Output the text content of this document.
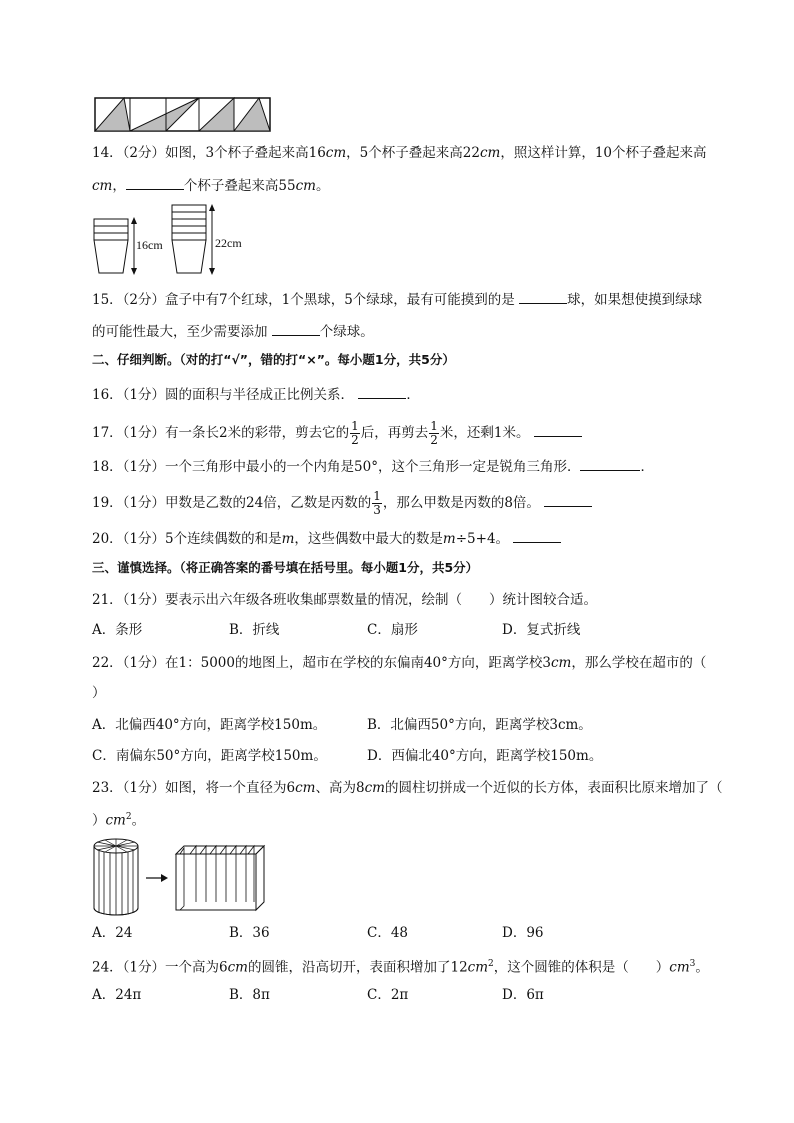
14．（2分）如图，3个杯子叠起来高16cm，5个杯子叠起来高22cm，照这样计算，10个杯子叠起来高
cm，	个杯子叠起来高55cm。
16cm	22cm
15．（2分）盒子中有7个红球，1个黑球，5个绿球，最有可能摸到的是	球，如果想使摸到绿球
的可能性最大，至少需要添加	个绿球。
二、仔细判断。（对的打“√”，错的打“×”。每小题1分，共5分）
16．（1分）圆的面积与半径成正比例关系．	．
17．（1分）有一条长2米的彩带，剪去它的 $\frac{1}{2}$ 后，再剪去 $\frac{1}{2}$ 米，还剩1米。
18．（1分）一个三角形中最小的一个内角是50°，这个三角形一定是锐角三角形．	．
19．（1分）甲数是乙数的24倍，乙数是丙数的 $\frac{1}{3}$ ，那么甲数是丙数的8倍。
20．（1分）5个连续偶数的和是m，这些偶数中最大的数是m÷5+4。
三、谨慎选择。（将正确答案的番号填在括号里。每小题1分，共5分）
21．（1分）要表示出六年级各班收集邮票数量的情况，绘制（　　）统计图较合适。
A．条形	B．折线	C．扇形	D．复式折线
22．（1分）在1：5000的地图上，超市在学校的东偏南40°方向，距离学校3cm，那么学校在超市的（
）
A．北偏西40°方向，距离学校150m。	B．北偏西50°方向，距离学校3cm。
C．南偏东50°方向，距离学校150m。	D．西偏北40°方向，距离学校150m。
23．（1分）如图，将一个直径为6cm、高为8cm的圆柱切拼成一个近似的长方体，表面积比原来增加了（
）$cm^2$。
A．24	B．36	C．48	D．96
24．（1分）一个高为6cm的圆锥，沿高切开，表面积增加了$12cm^2$，这个圆锥的体积是（　　）$cm^3$。
A．24π	B．8π	C．2π	D．6π
